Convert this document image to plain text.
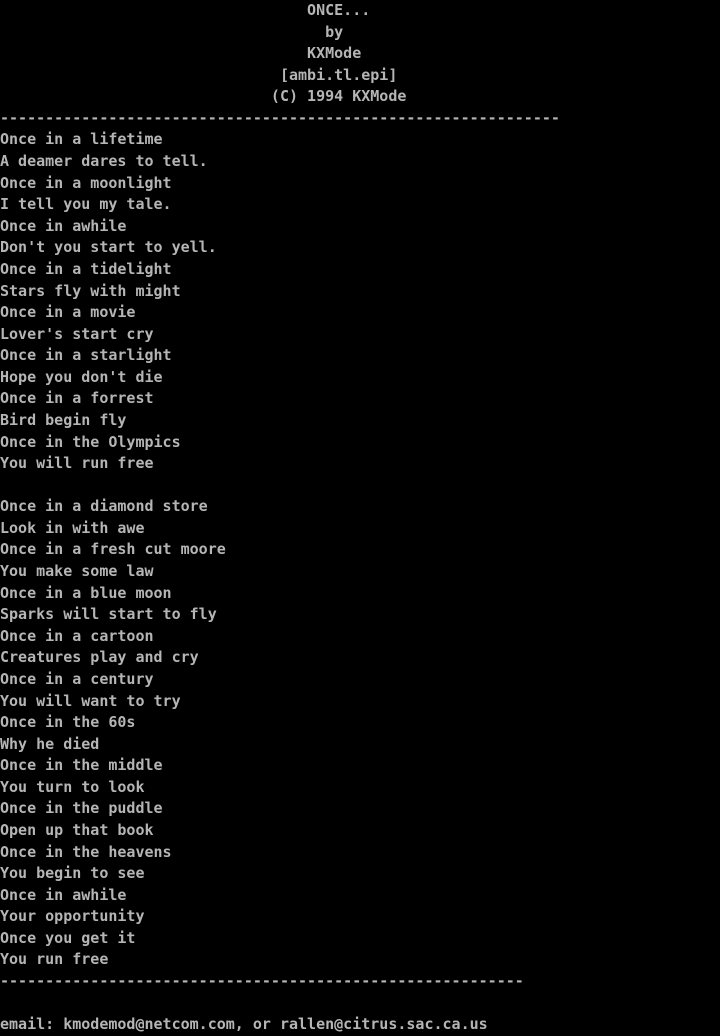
ONCE...
by
KXMode
[ambi.tl.epi]
(C) 1994 KXMode
--------------------------------------------------------------
Once in a lifetime
A deamer dares to tell.
Once in a moonlight
I tell you my tale.
Once in awhile
Don't you start to yell.
Once in a tidelight
Stars fly with might
Once in a movie
Lover's start cry
Once in a starlight
Hope you don't die
Once in a forrest
Bird begin fly
Once in the Olympics
You will run free

Once in a diamond store
Look in with awe
Once in a fresh cut moore
You make some law
Once in a blue moon
Sparks will start to fly
Once in a cartoon
Creatures play and cry
Once in a century
You will want to try
Once in the 60s
Why he died
Once in the middle
You turn to look
Once in the puddle
Open up that book
Once in the heavens
You begin to see
Once in awhile
Your opportunity
Once you get it
You run free
----------------------------------------------------------

email: kmodemod@netcom.com, or rallen@citrus.sac.ca.us
